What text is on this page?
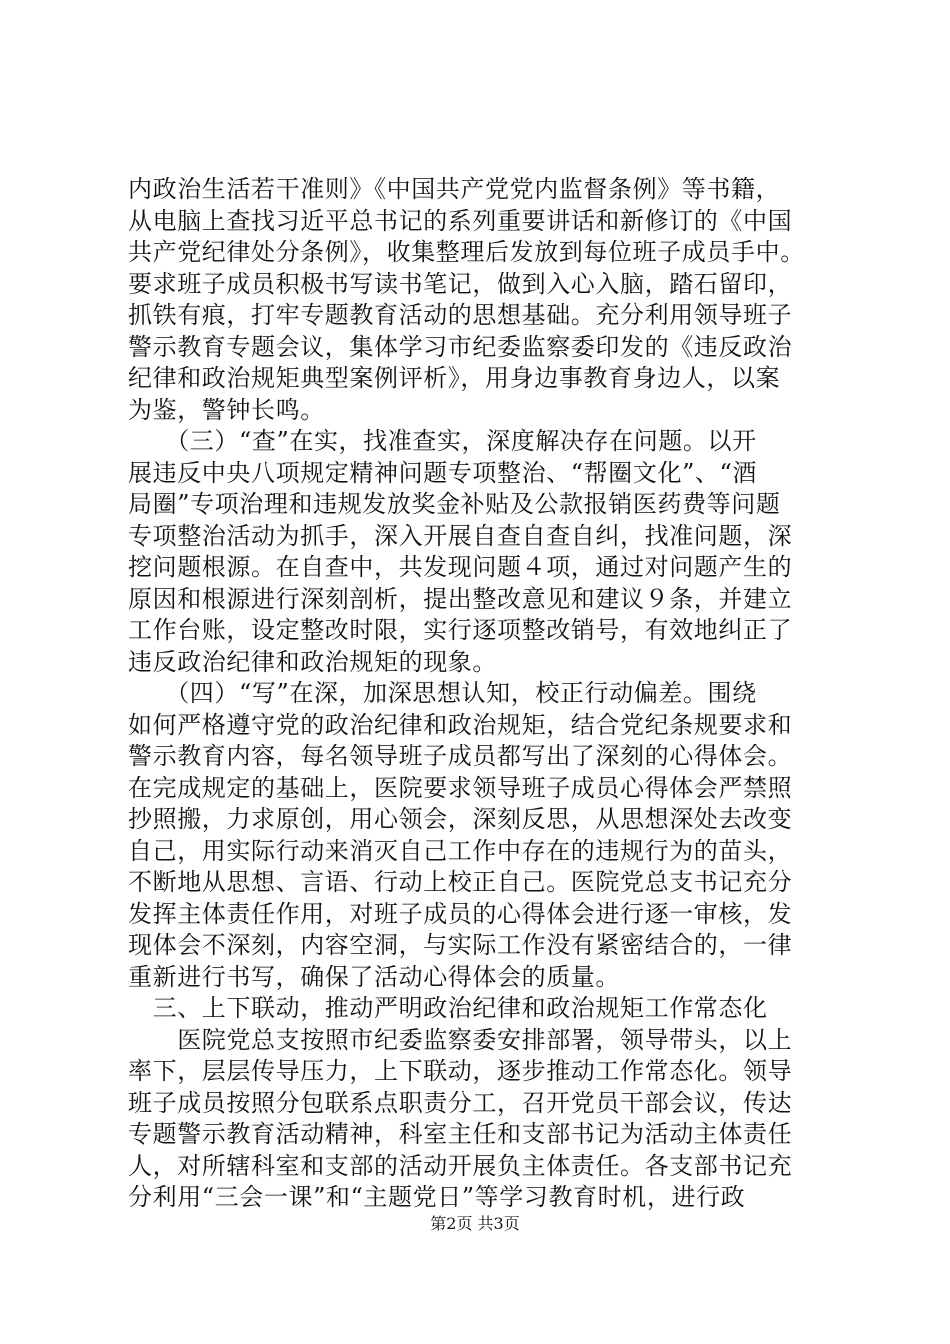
内政治生活若干准则》《中国共产党党内监督条例》等书籍，
从电脑上查找习近平总书记的系列重要讲话和新修订的《中国
共产党纪律处分条例》，收集整理后发放到每位班子成员手中。
要求班子成员积极书写读书笔记，做到入心入脑，踏石留印，
抓铁有痕，打牢专题教育活动的思想基础。充分利用领导班子
警示教育专题会议，集体学习市纪委监察委印发的《违反政治
纪律和政治规矩典型案例评析》，用身边事教育身边人，以案
为鉴，警钟长鸣。
　　（三）“查”在实，找准查实，深度解决存在问题。以开
展违反中央八项规定精神问题专项整治、“帮圈文化”、“酒
局圈”专项治理和违规发放奖金补贴及公款报销医药费等问题
专项整治活动为抓手，深入开展自查自查自纠，找准问题，深
挖问题根源。在自查中，共发现问题４项，通过对问题产生的
原因和根源进行深刻剖析，提出整改意见和建议９条，并建立
工作台账，设定整改时限，实行逐项整改销号，有效地纠正了
违反政治纪律和政治规矩的现象。
　　（四）“写”在深，加深思想认知，校正行动偏差。围绕
如何严格遵守党的政治纪律和政治规矩，结合党纪条规要求和
警示教育内容，每名领导班子成员都写出了深刻的心得体会。
在完成规定的基础上，医院要求领导班子成员心得体会严禁照
抄照搬，力求原创，用心领会，深刻反思，从思想深处去改变
自己，用实际行动来消灭自己工作中存在的违规行为的苗头，
不断地从思想、言语、行动上校正自己。医院党总支书记充分
发挥主体责任作用，对班子成员的心得体会进行逐一审核，发
现体会不深刻，内容空洞，与实际工作没有紧密结合的，一律
重新进行书写，确保了活动心得体会的质量。
　三、上下联动，推动严明政治纪律和政治规矩工作常态化
　　医院党总支按照市纪委监察委安排部署，领导带头，以上
率下，层层传导压力，上下联动，逐步推动工作常态化。领导
班子成员按照分包联系点职责分工，召开党员干部会议，传达
专题警示教育活动精神，科室主任和支部书记为活动主体责任
人，对所辖科室和支部的活动开展负主体责任。各支部书记充
分利用“三会一课”和“主题党日”等学习教育时机，进行政
第2页 共3页
